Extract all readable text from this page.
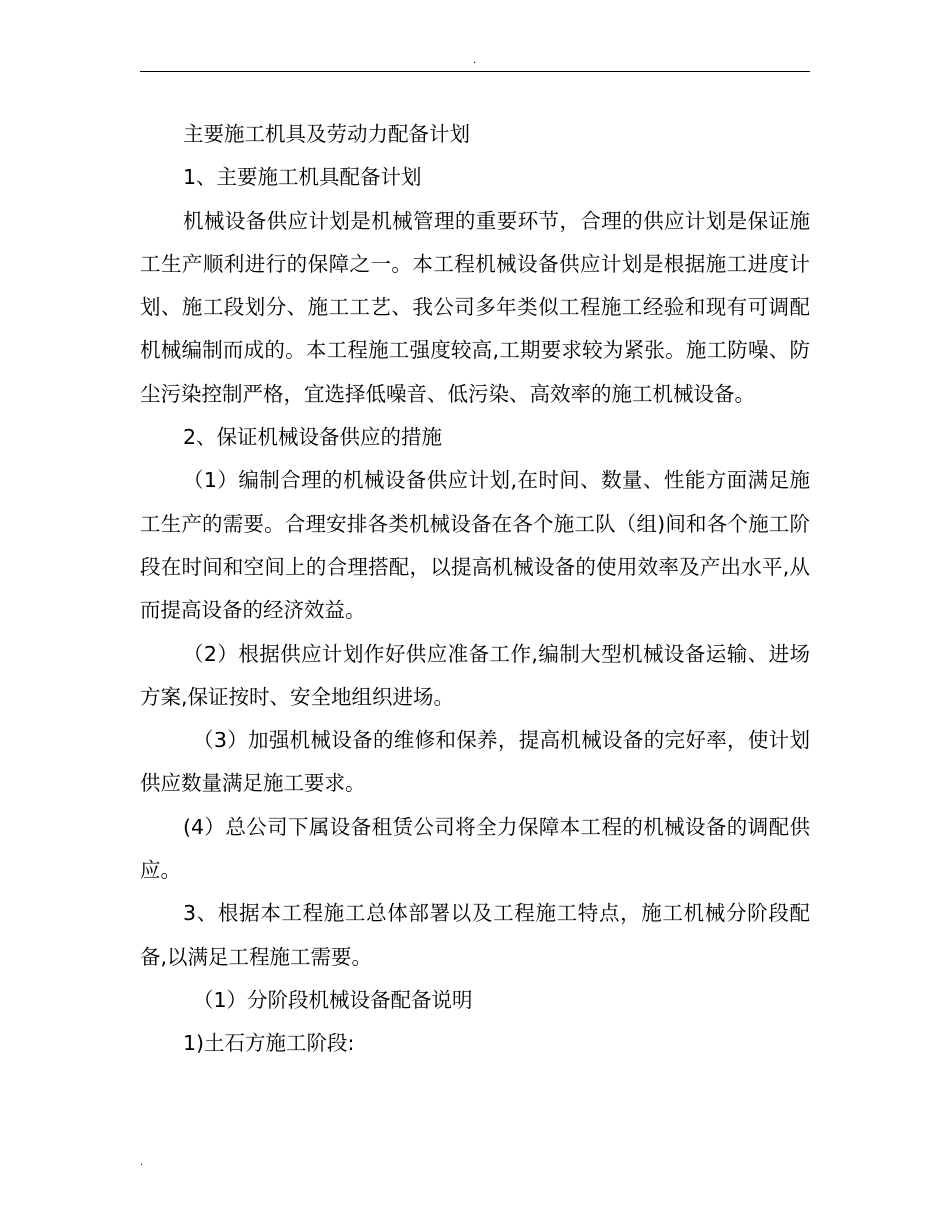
.

主要施工机具及劳动力配备计划

1、主要施工机具配备计划

机械设备供应计划是机械管理的重要环节，合理的供应计划是保证施工生产顺利进行的保障之一。本工程机械设备供应计划是根据施工进度计划、施工段划分、施工工艺、我公司多年类似工程施工经验和现有可调配机械编制而成的。本工程施工强度较高,工期要求较为紧张。施工防噪、防尘污染控制严格，宜选择低噪音、低污染、高效率的施工机械设备。

2、保证机械设备供应的措施

（1）编制合理的机械设备供应计划,在时间、数量、性能方面满足施工生产的需要。合理安排各类机械设备在各个施工队（组)间和各个施工阶段在时间和空间上的合理搭配，以提高机械设备的使用效率及产出水平,从而提高设备的经济效益。

（2）根据供应计划作好供应准备工作,编制大型机械设备运输、进场方案,保证按时、安全地组织进场。

（3）加强机械设备的维修和保养，提高机械设备的完好率，使计划供应数量满足施工要求。

(4）总公司下属设备租赁公司将全力保障本工程的机械设备的调配供应。

3、根据本工程施工总体部署以及工程施工特点，施工机械分阶段配备,以满足工程施工需要。

（1）分阶段机械设备配备说明

1)土石方施工阶段:

.
